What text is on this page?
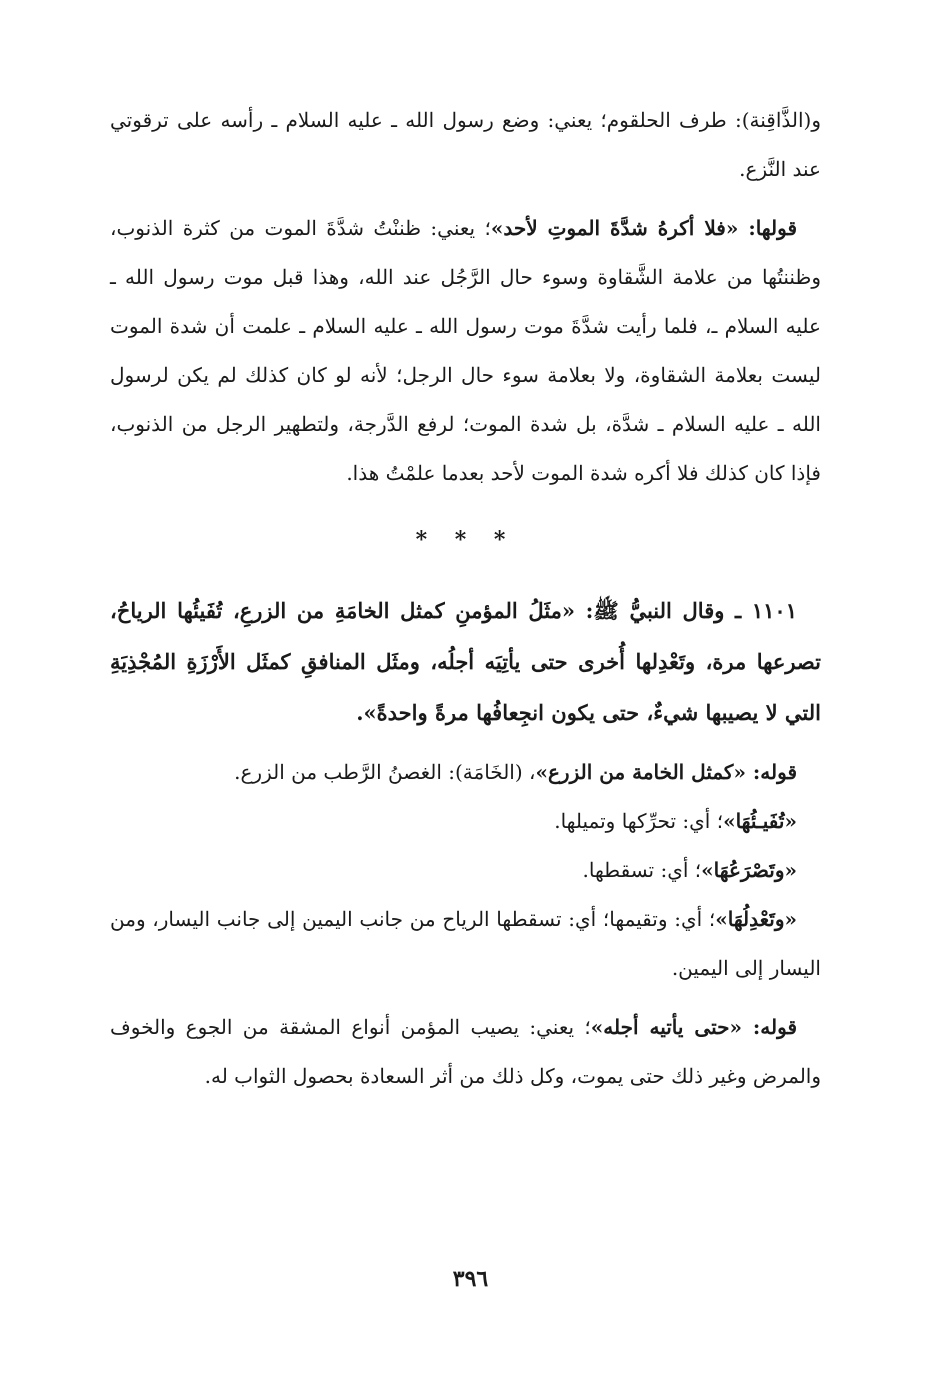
و(الذَّاقِنة): طرف الحلقوم؛ يعني: وضع رسول الله ـ عليه السلام ـ رأسه على ترقوتي عند النَّزع.

قولها: «فلا أكرهُ شدَّةَ الموتِ لأحد»؛ يعني: ظننْتُ شدَّةَ الموت من كثرة الذنوب، وظننتُها من علامة الشَّقاوة وسوء حال الرَّجُل عند الله، وهذا قبل موت رسول الله ـ عليه السلام ـ، فلما رأيت شدَّةَ موت رسول الله ـ عليه السلام ـ علمت أن شدة الموت ليست بعلامة الشقاوة، ولا بعلامة سوء حال الرجل؛ لأنه لو كان كذلك لم يكن لرسول الله ـ عليه السلام ـ شدَّة، بل شدة الموت؛ لرفع الدَّرجة، ولتطهير الرجل من الذنوب، فإذا كان كذلك فلا أكره شدة الموت لأحد بعدما علمْتُ هذا.

* * *

١١٠١ ـ وقال النبيُّ ﷺ: «مثَلُ المؤمنِ كمثل الخامَةِ من الزرعِ، تُفَيئُها الرياحُ، تصرعها مرة، وتَعْدِلها أُخرى حتى يأتِيَه أجلُه، ومثَل المنافقِ كمثَل الأَرْزَةِ المُجْذِيَةِ التي لا يصيبها شيءٌ، حتى يكون انجِعافُها مرةً واحدةً».

قوله: «كمثل الخامة من الزرع»، (الخَامَة): الغصنُ الرَّطب من الزرع.

«تُفَيـئُهَا»؛ أي: تحرِّكها وتميلها.

«وتَصْرَعُهَا»؛ أي: تسقطها.

«وتَعْدِلُهَا»؛ أي: وتقيمها؛ أي: تسقطها الرياح من جانب اليمين إلى جانب اليسار، ومن اليسار إلى اليمين.

قوله: «حتى يأتيه أجله»؛ يعني: يصيب المؤمن أنواع المشقة من الجوع والخوف والمرض وغير ذلك حتى يموت، وكل ذلك من أثر السعادة بحصول الثواب له.

٣٩٦
